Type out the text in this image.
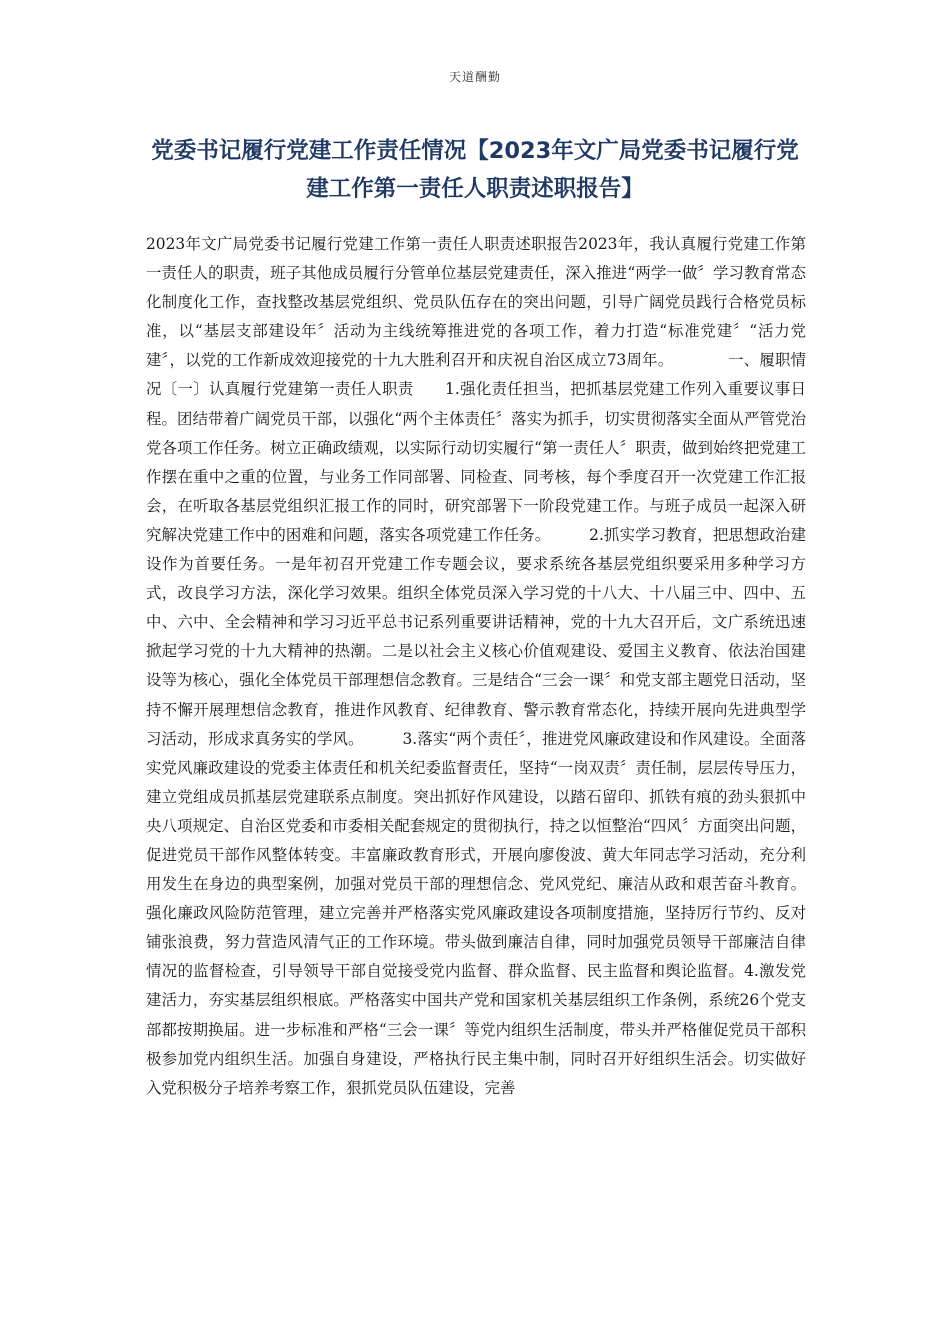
天道酬勤
党委书记履行党建工作责任情况【2023年文广局党委书记履行党建工作第一责任人职责述职报告】

2023年文广局党委书记履行党建工作第一责任人职责述职报告2023年，我认真履行党建工作第一责任人的职责，班子其他成员履行分管单位基层党建责任，深入推进“两学一做〞学习教育常态化制度化工作，查找整改基层党组织、党员队伍存在的突出问题，引导广阔党员践行合格党员标准，以“基层支部建设年〞活动为主线统筹推进党的各项工作，着力打造“标准党建〞“活力党建〞，以党的工作新成效迎接党的十九大胜利召开和庆祝自治区成立73周年。　　　　一、履职情况〔一〕认真履行党建第一责任人职责　　1.强化责任担当，把抓基层党建工作列入重要议事日程。团结带着广阔党员干部，以强化“两个主体责任〞落实为抓手，切实贯彻落实全面从严管党治党各项工作任务。树立正确政绩观，以实际行动切实履行“第一责任人〞职责，做到始终把党建工作摆在重中之重的位置，与业务工作同部署、同检查、同考核，每个季度召开一次党建工作汇报会，在听取各基层党组织汇报工作的同时，研究部署下一阶段党建工作。与班子成员一起深入研究解决党建工作中的困难和问题，落实各项党建工作任务。　　　2.抓实学习教育，把思想政治建设作为首要任务。一是年初召开党建工作专题会议，要求系统各基层党组织要采用多种学习方式，改良学习方法，深化学习效果。组织全体党员深入学习党的十八大、十八届三中、四中、五中、六中、全会精神和学习习近平总书记系列重要讲话精神，党的十九大召开后，文广系统迅速掀起学习党的十九大精神的热潮。二是以社会主义核心价值观建设、爱国主义教育、依法治国建设等为核心，强化全体党员干部理想信念教育。三是结合“三会一课〞和党支部主题党日活动，坚持不懈开展理想信念教育，推进作风教育、纪律教育、警示教育常态化，持续开展向先进典型学习活动，形成求真务实的学风。　　　3.落实“两个责任〞，推进党风廉政建设和作风建设。全面落实党风廉政建设的党委主体责任和机关纪委监督责任，坚持“一岗双责〞责任制，层层传导压力，建立党组成员抓基层党建联系点制度。突出抓好作风建设，以踏石留印、抓铁有痕的劲头狠抓中央八项规定、自治区党委和市委相关配套规定的贯彻执行，持之以恒整治“四风〞方面突出问题，促进党员干部作风整体转变。丰富廉政教育形式，开展向廖俊波、黄大年同志学习活动，充分利用发生在身边的典型案例，加强对党员干部的理想信念、党风党纪、廉洁从政和艰苦奋斗教育。强化廉政风险防范管理，建立完善并严格落实党风廉政建设各项制度措施，坚持厉行节约、反对铺张浪费，努力营造风清气正的工作环境。带头做到廉洁自律，同时加强党员领导干部廉洁自律情况的监督检查，引导领导干部自觉接受党内监督、群众监督、民主监督和舆论监督。4.激发党建活力，夯实基层组织根底。严格落实中国共产党和国家机关基层组织工作条例，系统26个党支部都按期换届。进一步标准和严格“三会一课〞等党内组织生活制度，带头并严格催促党员干部积极参加党内组织生活。加强自身建设，严格执行民主集中制，同时召开好组织生活会。切实做好入党积极分子培养考察工作，狠抓党员队伍建设，完善
